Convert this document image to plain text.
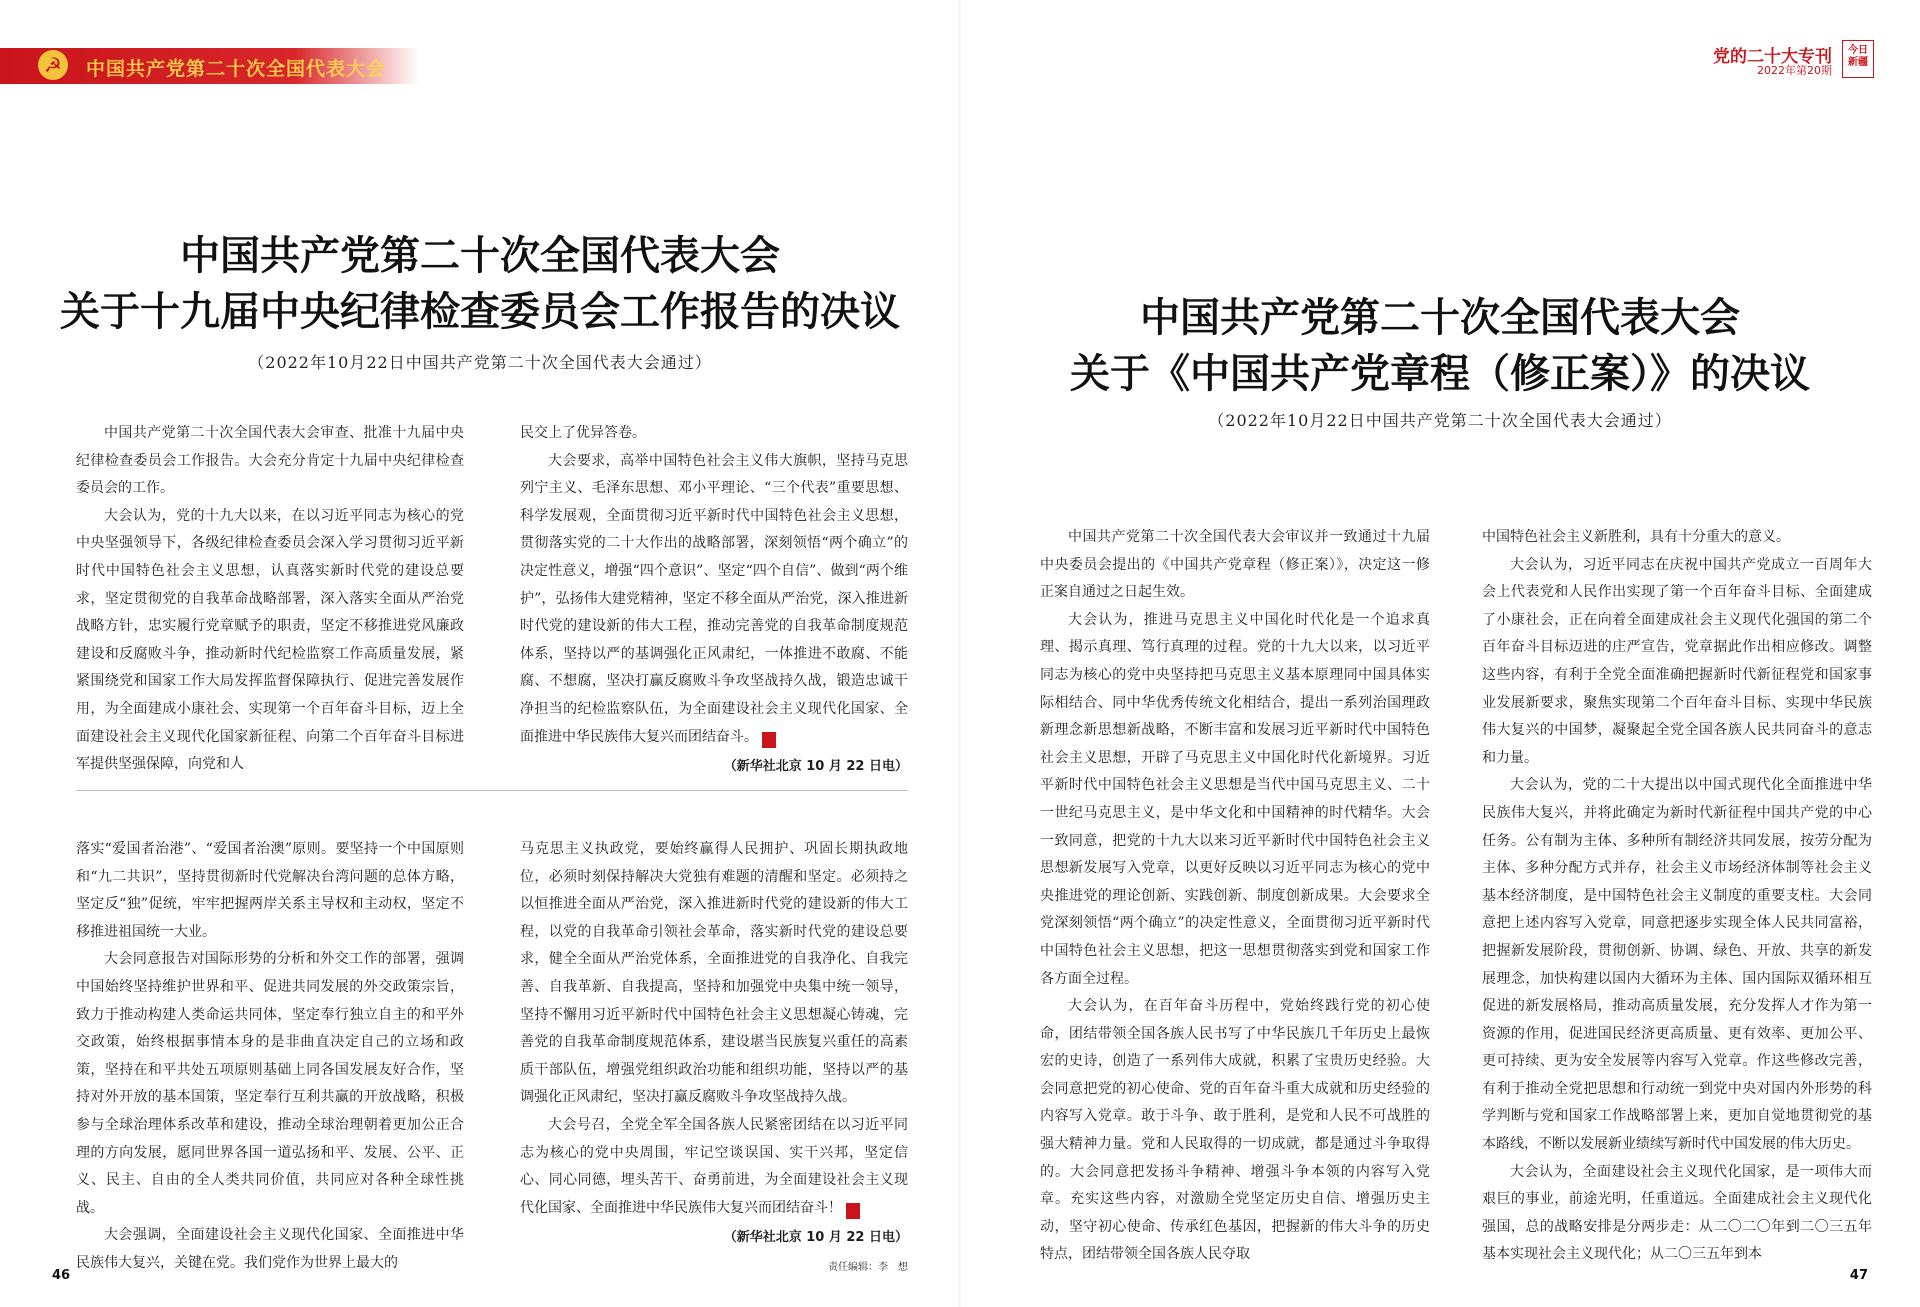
☭	中国共产党第二十次全国代表大会
中国共产党第二十次全国代表大会
关于十九届中央纪律检查委员会工作报告的决议
（2022年10月22日中国共产党第二十次全国代表大会通过）

中国共产党第二十次全国代表大会审查、批准十九届中央纪律检查委员会工作报告。大会充分肯定十九届中央纪律检查委员会的工作。

大会认为，党的十九大以来，在以习近平同志为核心的党中央坚强领导下，各级纪律检查委员会深入学习贯彻习近平新时代中国特色社会主义思想，认真落实新时代党的建设总要求，坚定贯彻党的自我革命战略部署，深入落实全面从严治党战略方针，忠实履行党章赋予的职责，坚定不移推进党风廉政建设和反腐败斗争，推动新时代纪检监察工作高质量发展，紧紧围绕党和国家工作大局发挥监督保障执行、促进完善发展作用，为全面建成小康社会、实现第一个百年奋斗目标，迈上全面建设社会主义现代化国家新征程、向第二个百年奋斗目标进军提供坚强保障，向党和人

民交上了优异答卷。

大会要求，高举中国特色社会主义伟大旗帜，坚持马克思列宁主义、毛泽东思想、邓小平理论、“三个代表”重要思想、科学发展观，全面贯彻习近平新时代中国特色社会主义思想，贯彻落实党的二十大作出的战略部署，深刻领悟“两个确立”的决定性意义，增强“四个意识”、坚定“四个自信”、做到“两个维护”，弘扬伟大建党精神，坚定不移全面从严治党，深入推进新时代党的建设新的伟大工程，推动完善党的自我革命制度规范体系，坚持以严的基调强化正风肃纪，一体推进不敢腐、不能腐、不想腐，坚决打赢反腐败斗争攻坚战持久战，锻造忠诚干净担当的纪检监察队伍，为全面建设社会主义现代化国家、全面推进中华民族伟大复兴而团结奋斗。	J

（新华社北京 10 月 22 日电）

落实“爱国者治港”、“爱国者治澳”原则。要坚持一个中国原则和“九二共识”，坚持贯彻新时代党解决台湾问题的总体方略，坚定反“独”促统，牢牢把握两岸关系主导权和主动权，坚定不移推进祖国统一大业。

大会同意报告对国际形势的分析和外交工作的部署，强调中国始终坚持维护世界和平、促进共同发展的外交政策宗旨，致力于推动构建人类命运共同体，坚定奉行独立自主的和平外交政策，始终根据事情本身的是非曲直决定自己的立场和政策，坚持在和平共处五项原则基础上同各国发展友好合作，坚持对外开放的基本国策，坚定奉行互利共赢的开放战略，积极参与全球治理体系改革和建设，推动全球治理朝着更加公正合理的方向发展，愿同世界各国一道弘扬和平、发展、公平、正义、民主、自由的全人类共同价值，共同应对各种全球性挑战。

大会强调，全面建设社会主义现代化国家、全面推进中华民族伟大复兴，关键在党。我们党作为世界上最大的

马克思主义执政党，要始终赢得人民拥护、巩固长期执政地位，必须时刻保持解决大党独有难题的清醒和坚定。必须持之以恒推进全面从严治党，深入推进新时代党的建设新的伟大工程，以党的自我革命引领社会革命，落实新时代党的建设总要求，健全全面从严治党体系，全面推进党的自我净化、自我完善、自我革新、自我提高，坚持和加强党中央集中统一领导，坚持不懈用习近平新时代中国特色社会主义思想凝心铸魂，完善党的自我革命制度规范体系，建设堪当民族复兴重任的高素质干部队伍，增强党组织政治功能和组织功能，坚持以严的基调强化正风肃纪，坚决打赢反腐败斗争攻坚战持久战。

大会号召，全党全军全国各族人民紧密团结在以习近平同志为核心的党中央周围，牢记空谈误国、实干兴邦，坚定信心、同心同德，埋头苦干、奋勇前进，为全面建设社会主义现代化国家、全面推进中华民族伟大复兴而团结奋斗！	J

（新华社北京 10 月 22 日电）

责任编辑：李　想

46
党的二十大专刊
2022年第20期
今日
新疆
中国共产党第二十次全国代表大会
关于《中国共产党章程（修正案）》的决议
（2022年10月22日中国共产党第二十次全国代表大会通过）

中国共产党第二十次全国代表大会审议并一致通过十九届中央委员会提出的《中国共产党章程（修正案）》，决定这一修正案自通过之日起生效。

大会认为，推进马克思主义中国化时代化是一个追求真理、揭示真理、笃行真理的过程。党的十九大以来，以习近平同志为核心的党中央坚持把马克思主义基本原理同中国具体实际相结合、同中华优秀传统文化相结合，提出一系列治国理政新理念新思想新战略，不断丰富和发展习近平新时代中国特色社会主义思想，开辟了马克思主义中国化时代化新境界。习近平新时代中国特色社会主义思想是当代中国马克思主义、二十一世纪马克思主义，是中华文化和中国精神的时代精华。大会一致同意，把党的十九大以来习近平新时代中国特色社会主义思想新发展写入党章，以更好反映以习近平同志为核心的党中央推进党的理论创新、实践创新、制度创新成果。大会要求全党深刻领悟“两个确立”的决定性意义，全面贯彻习近平新时代中国特色社会主义思想，把这一思想贯彻落实到党和国家工作各方面全过程。

大会认为，在百年奋斗历程中，党始终践行党的初心使命，团结带领全国各族人民书写了中华民族几千年历史上最恢宏的史诗，创造了一系列伟大成就，积累了宝贵历史经验。大会同意把党的初心使命、党的百年奋斗重大成就和历史经验的内容写入党章。敢于斗争、敢于胜利，是党和人民不可战胜的强大精神力量。党和人民取得的一切成就，都是通过斗争取得的。大会同意把发扬斗争精神、增强斗争本领的内容写入党章。充实这些内容，对激励全党坚定历史自信、增强历史主动，坚守初心使命、传承红色基因，把握新的伟大斗争的历史特点，团结带领全国各族人民夺取

中国特色社会主义新胜利，具有十分重大的意义。

大会认为，习近平同志在庆祝中国共产党成立一百周年大会上代表党和人民作出实现了第一个百年奋斗目标、全面建成了小康社会，正在向着全面建成社会主义现代化强国的第二个百年奋斗目标迈进的庄严宣告，党章据此作出相应修改。调整这些内容，有利于全党全面准确把握新时代新征程党和国家事业发展新要求，聚焦实现第二个百年奋斗目标、实现中华民族伟大复兴的中国梦，凝聚起全党全国各族人民共同奋斗的意志和力量。

大会认为，党的二十大提出以中国式现代化全面推进中华民族伟大复兴，并将此确定为新时代新征程中国共产党的中心任务。公有制为主体、多种所有制经济共同发展，按劳分配为主体、多种分配方式并存，社会主义市场经济体制等社会主义基本经济制度，是中国特色社会主义制度的重要支柱。大会同意把上述内容写入党章，同意把逐步实现全体人民共同富裕，把握新发展阶段，贯彻创新、协调、绿色、开放、共享的新发展理念，加快构建以国内大循环为主体、国内国际双循环相互促进的新发展格局，推动高质量发展，充分发挥人才作为第一资源的作用，促进国民经济更高质量、更有效率、更加公平、更可持续、更为安全发展等内容写入党章。作这些修改完善，有利于推动全党把思想和行动统一到党中央对国内外形势的科学判断与党和国家工作战略部署上来，更加自觉地贯彻党的基本路线，不断以发展新业绩续写新时代中国发展的伟大历史。

大会认为，全面建设社会主义现代化国家，是一项伟大而艰巨的事业，前途光明，任重道远。全面建成社会主义现代化强国，总的战略安排是分两步走：从二〇二〇年到二〇三五年基本实现社会主义现代化；从二〇三五年到本

47
